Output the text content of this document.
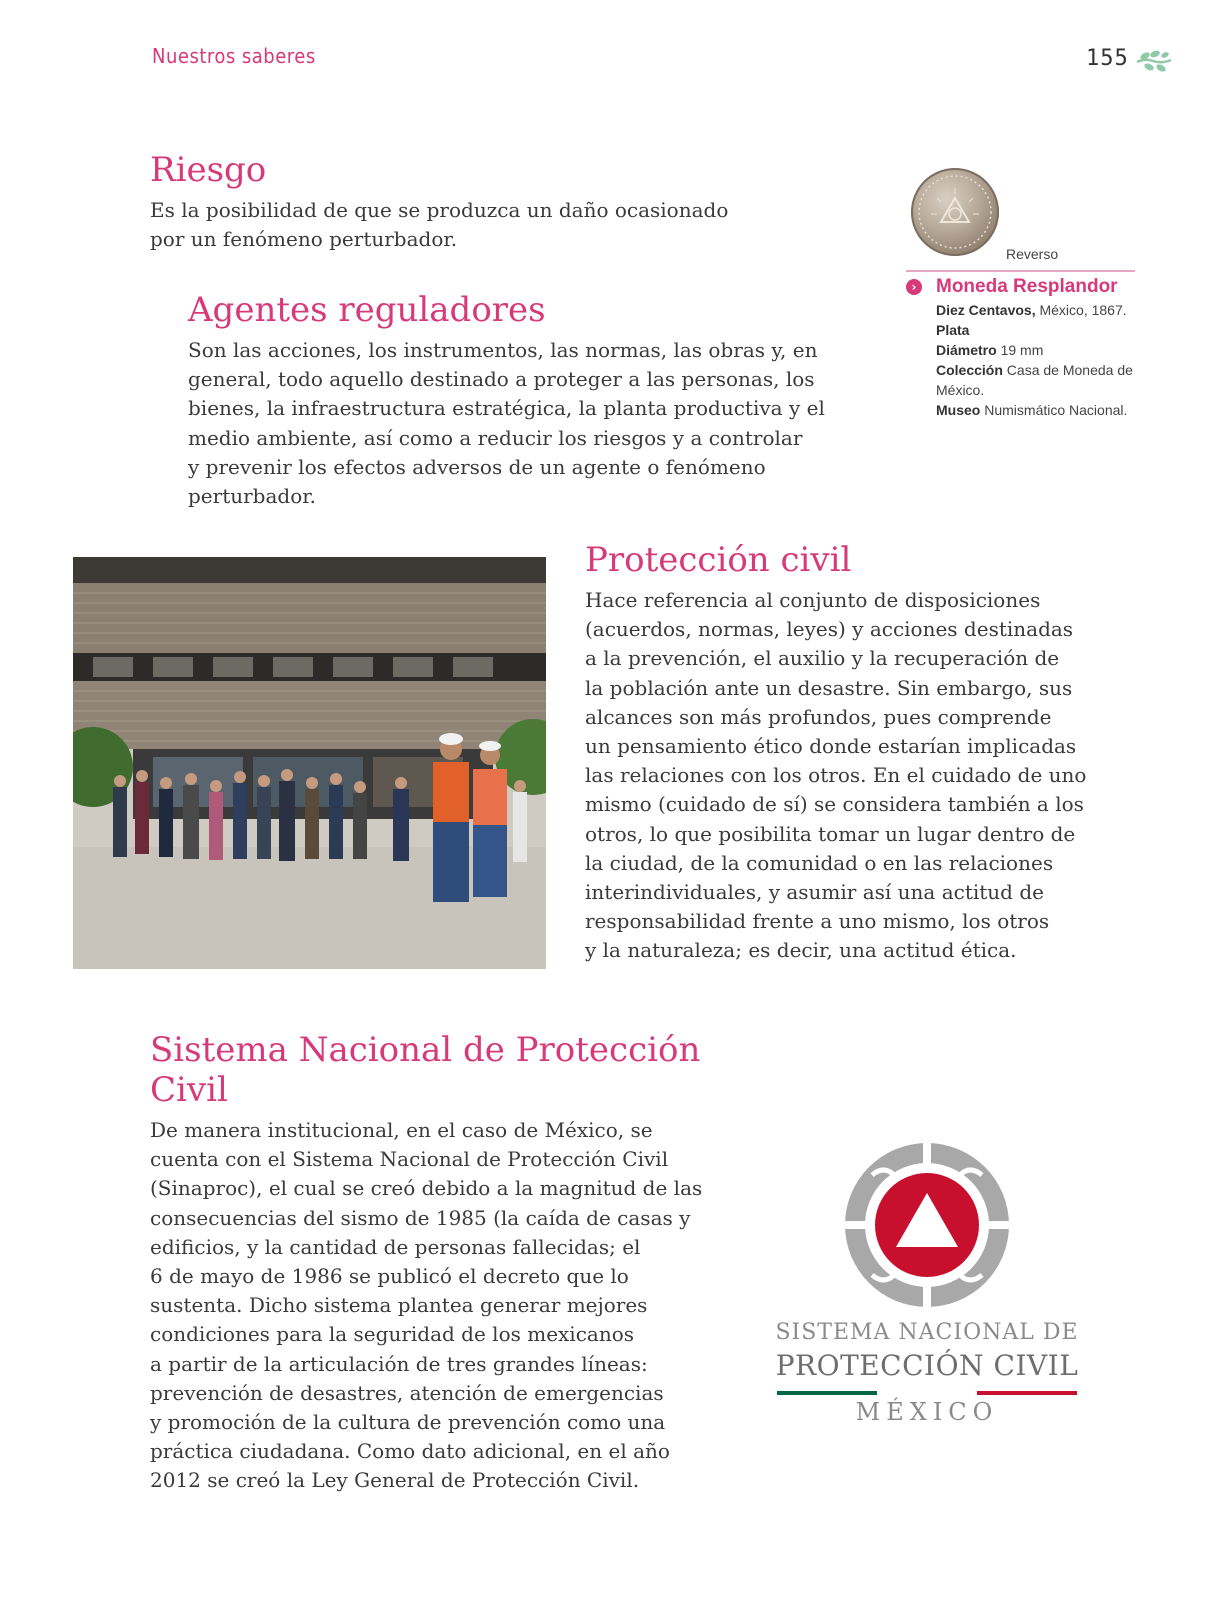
Nuestros saberes	155
Riesgo

Es la posibilidad de que se produzca un daño ocasionado
por un fenómeno perturbador.

Agentes reguladores

Son las acciones, los instrumentos, las normas, las obras y, en
general, todo aquello destinado a proteger a las personas, los
bienes, la infraestructura estratégica, la planta productiva y el
medio ambiente, así como a reducir los riesgos y a controlar
y prevenir los efectos adversos de un agente o fenómeno
perturbador.

Reverso
› Moneda Resplandor
Diez Centavos, México, 1867.
Plata
Diámetro 19 mm
Colección Casa de Moneda de México.
Museo Numismático Nacional.
Protección civil

Hace referencia al conjunto de disposiciones
(acuerdos, normas, leyes) y acciones destinadas
a la prevención, el auxilio y la recuperación de
la población ante un desastre. Sin embargo, sus
alcances son más profundos, pues comprende
un pensamiento ético donde estarían implicadas
las relaciones con los otros. En el cuidado de uno
mismo (cuidado de sí) se considera también a los
otros, lo que posibilita tomar un lugar dentro de
la ciudad, de la comunidad o en las relaciones
interindividuales, y asumir así una actitud de
responsabilidad frente a uno mismo, los otros
y la naturaleza; es decir, una actitud ética.

Sistema Nacional de Protección Civil

De manera institucional, en el caso de México, se
cuenta con el Sistema Nacional de Protección Civil
(Sinaproc), el cual se creó debido a la magnitud de las
consecuencias del sismo de 1985 (la caída de casas y
edificios, y la cantidad de personas fallecidas; el
6 de mayo de 1986 se publicó el decreto que lo
sustenta. Dicho sistema plantea generar mejores
condiciones para la seguridad de los mexicanos
a partir de la articulación de tres grandes líneas:
prevención de desastres, atención de emergencias
y promoción de la cultura de prevención como una
práctica ciudadana. Como dato adicional, en el año
2012 se creó la Ley General de Protección Civil.

SISTEMA NACIONAL DE
PROTECCIÓN CIVIL
MÉXICO
